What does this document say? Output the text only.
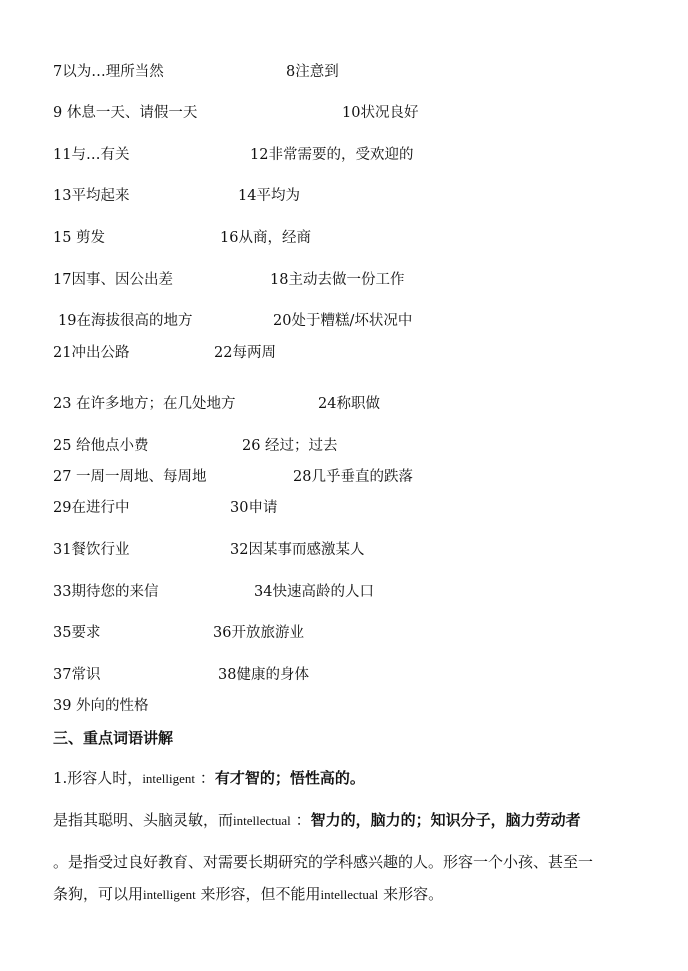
7以为…理所当然	8注意到
9 休息一天、请假一天	10状况良好
11与…有关	12非常需要的，受欢迎的
13平均起来	14平均为
15 剪发	16从商，经商
17因事、因公出差	18主动去做一份工作
19在海拔很高的地方	20处于糟糕/坏状况中
21冲出公路	22每两周
23 在许多地方；在几处地方	24称职做
25 给他点小费	26 经过；过去
27 一周一周地、每周地	28几乎垂直的跌落
29在进行中	30申请
31餐饮行业	32因某事而感激某人
33期待您的来信	34快速高龄的人口
35要求	36开放旅游业
37常识	38健康的身体
39 外向的性格
三、重点词语讲解
1.形容人时，intelligent ：有才智的；悟性高的。
是指其聪明、头脑灵敏，而intellectual ：智力的，脑力的；知识分子，脑力劳动者
。是指受过良好教育、对需要长期研究的学科感兴趣的人。形容一个小孩、甚至一
条狗，可以用intelligent 来形容，但不能用intellectual 来形容。
